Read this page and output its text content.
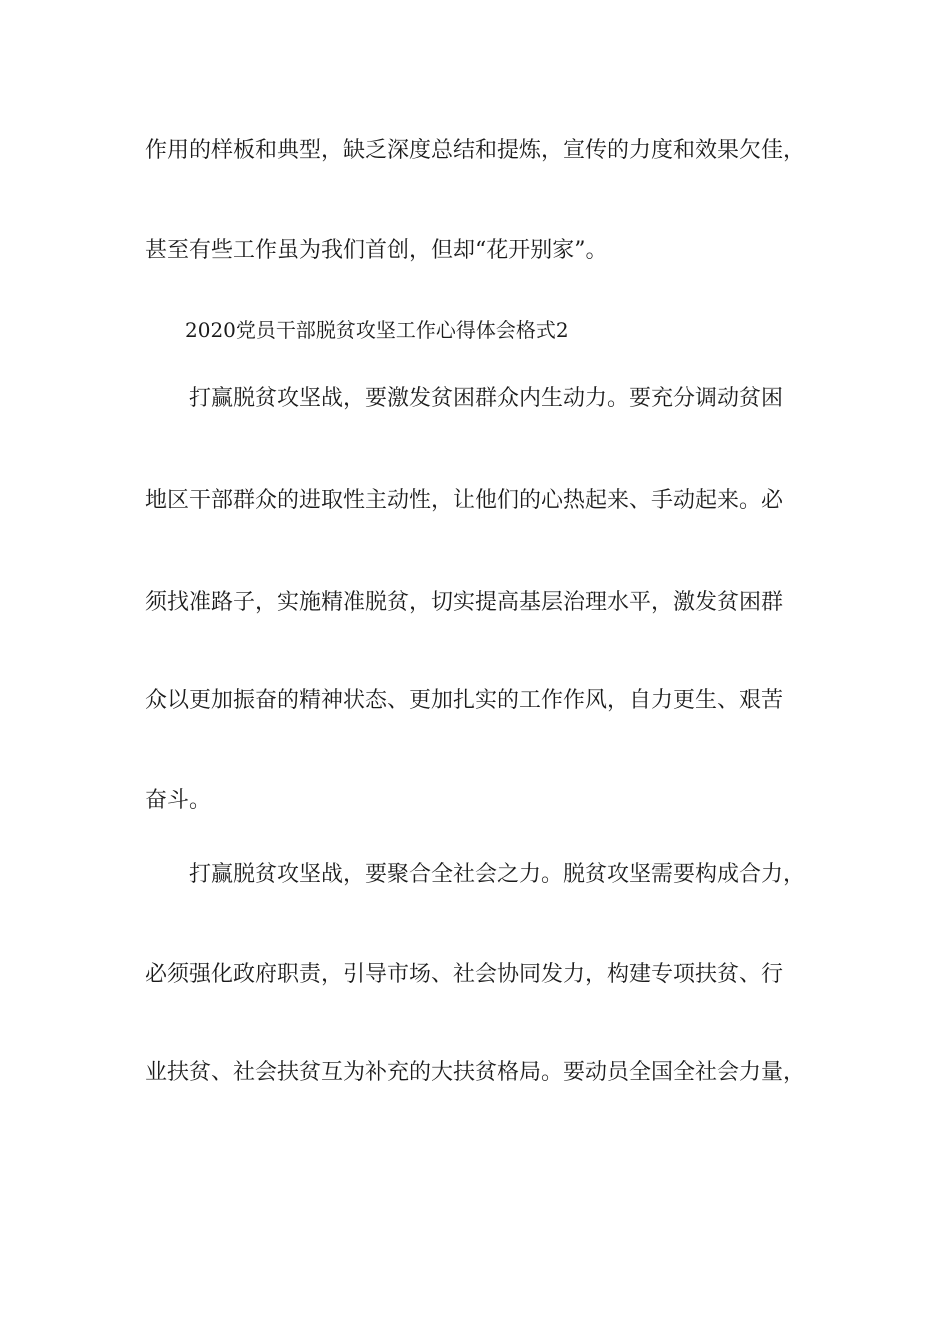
作用的样板和典型，缺乏深度总结和提炼，宣传的力度和效果欠佳，
甚至有些工作虽为我们首创，但却“花开别家”。
　　2020党员干部脱贫攻坚工作心得体会格式2
　　打赢脱贫攻坚战，要激发贫困群众内生动力。要充分调动贫困
地区干部群众的进取性主动性，让他们的心热起来、手动起来。必
须找准路子，实施精准脱贫，切实提高基层治理水平，激发贫困群
众以更加振奋的精神状态、更加扎实的工作作风，自力更生、艰苦
奋斗。
　　打赢脱贫攻坚战，要聚合全社会之力。脱贫攻坚需要构成合力，
必须强化政府职责，引导市场、社会协同发力，构建专项扶贫、行
业扶贫、社会扶贫互为补充的大扶贫格局。要动员全国全社会力量，
